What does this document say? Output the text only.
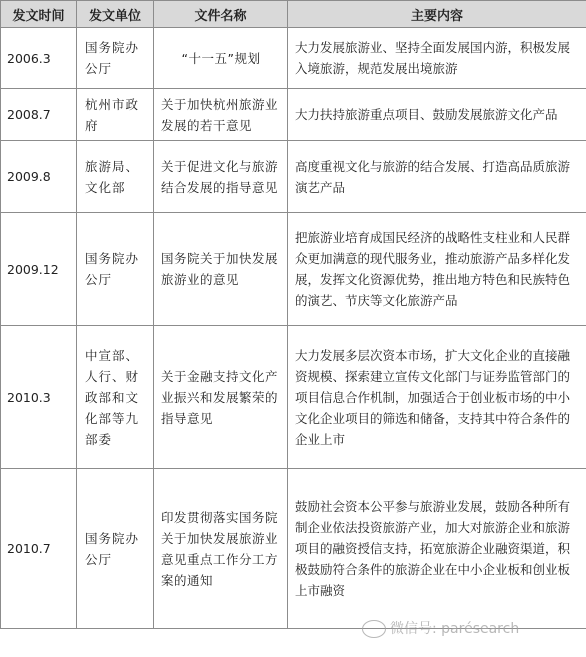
发文时间	发文单位	文件名称	主要内容
2006.3	国务院办公厅	“十一五”规划	大力发展旅游业、坚持全面发展国内游，积极发展入境旅游，规范发展出境旅游
2008.7	杭州市政府	关于加快杭州旅游业发展的若干意见	大力扶持旅游重点项目、鼓励发展旅游文化产品
2009.8	旅游局、文化部	关于促进文化与旅游结合发展的指导意见	高度重视文化与旅游的结合发展、打造高品质旅游演艺产品
2009.12	国务院办公厅	国务院关于加快发展旅游业的意见	把旅游业培育成国民经济的战略性支柱业和人民群众更加满意的现代服务业，推动旅游产品多样化发展，发挥文化资源优势，推出地方特色和民族特色的演艺、节庆等文化旅游产品
2010.3	中宣部、人行、财政部和文化部等九部委	关于金融支持文化产业振兴和发展繁荣的指导意见	大力发展多层次资本市场，扩大文化企业的直接融资规模、探索建立宣传文化部门与证券监管部门的项目信息合作机制，加强适合于创业板市场的中小文化企业项目的筛选和储备，支持其中符合条件的企业上市
2010.7	国务院办公厅	印发贯彻落实国务院关于加快发展旅游业意见重点工作分工方案的通知	鼓励社会资本公平参与旅游业发展，鼓励各种所有制企业依法投资旅游产业，加大对旅游企业和旅游项目的融资授信支持，拓宽旅游企业融资渠道，积极鼓励符合条件的旅游企业在中小企业板和创业板上市融资
微信号: parésearch
